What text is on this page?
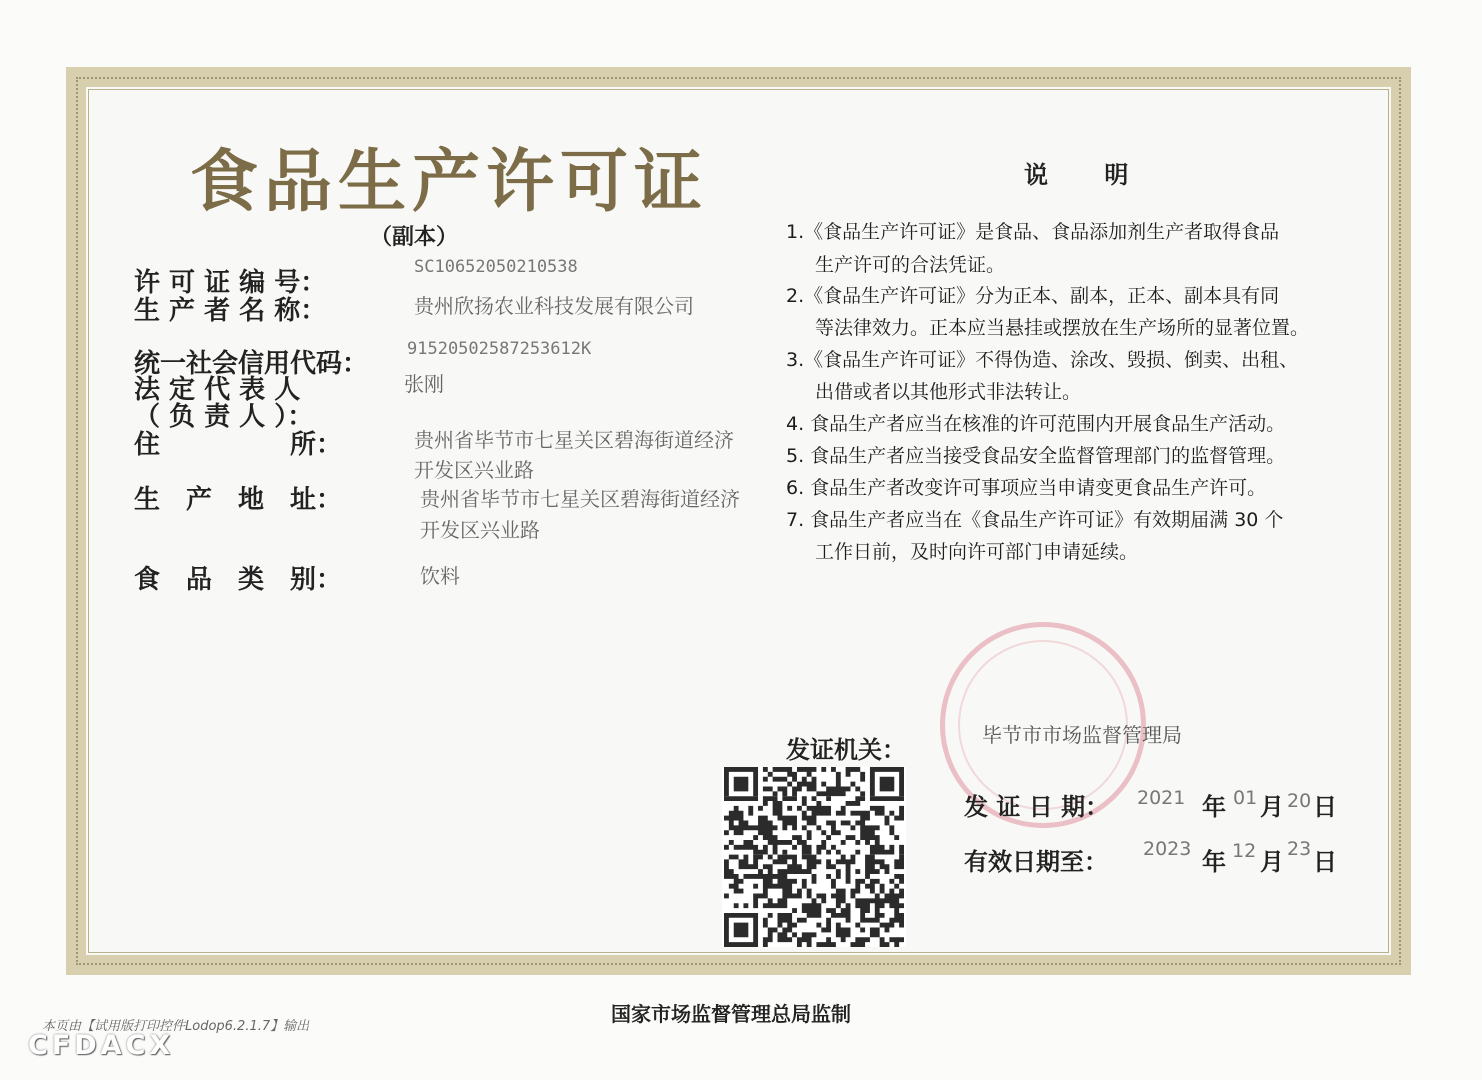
食品生产许可证
（副本）
许 可 证 编 号：
SC10652050210538
生 产 者 名 称：	贵州欣扬农业科技发展有限公司
统一社会信用代码： 91520502587253612K
法 定 代 表 人
（ 负 责 人 ）：
张刚
住　　　　　所：	贵州省毕节市七星关区碧海街道经济
开发区兴业路
生　产　地　址：	贵州省毕节市七星关区碧海街道经济
开发区兴业路
食　品　类　别：	饮料
说 明
1.《食品生产许可证》是食品、食品添加剂生产者取得食品
生产许可的合法凭证。
2.《食品生产许可证》分为正本、副本，正本、副本具有同
等法律效力。正本应当悬挂或摆放在生产场所的显著位置。
3.《食品生产许可证》不得伪造、涂改、毁损、倒卖、出租、
出借或者以其他形式非法转让。
4. 食品生产者应当在核准的许可范围内开展食品生产活动。
5. 食品生产者应当接受食品安全监督管理部门的监督管理。
6. 食品生产者改变许可事项应当申请变更食品生产许可。
7. 食品生产者应当在《食品生产许可证》有效期届满 30 个
工作日前，及时向许可部门申请延续。
发证机关：	毕节市市场监督管理局
发 证 日 期： 2021 年 01 月 20 日
有效日期至： 2023 年 12 月 23 日
国家市场监督管理总局监制
本页由【试用版打印控件Lodop6.2.1.7】输出
CFDACX
